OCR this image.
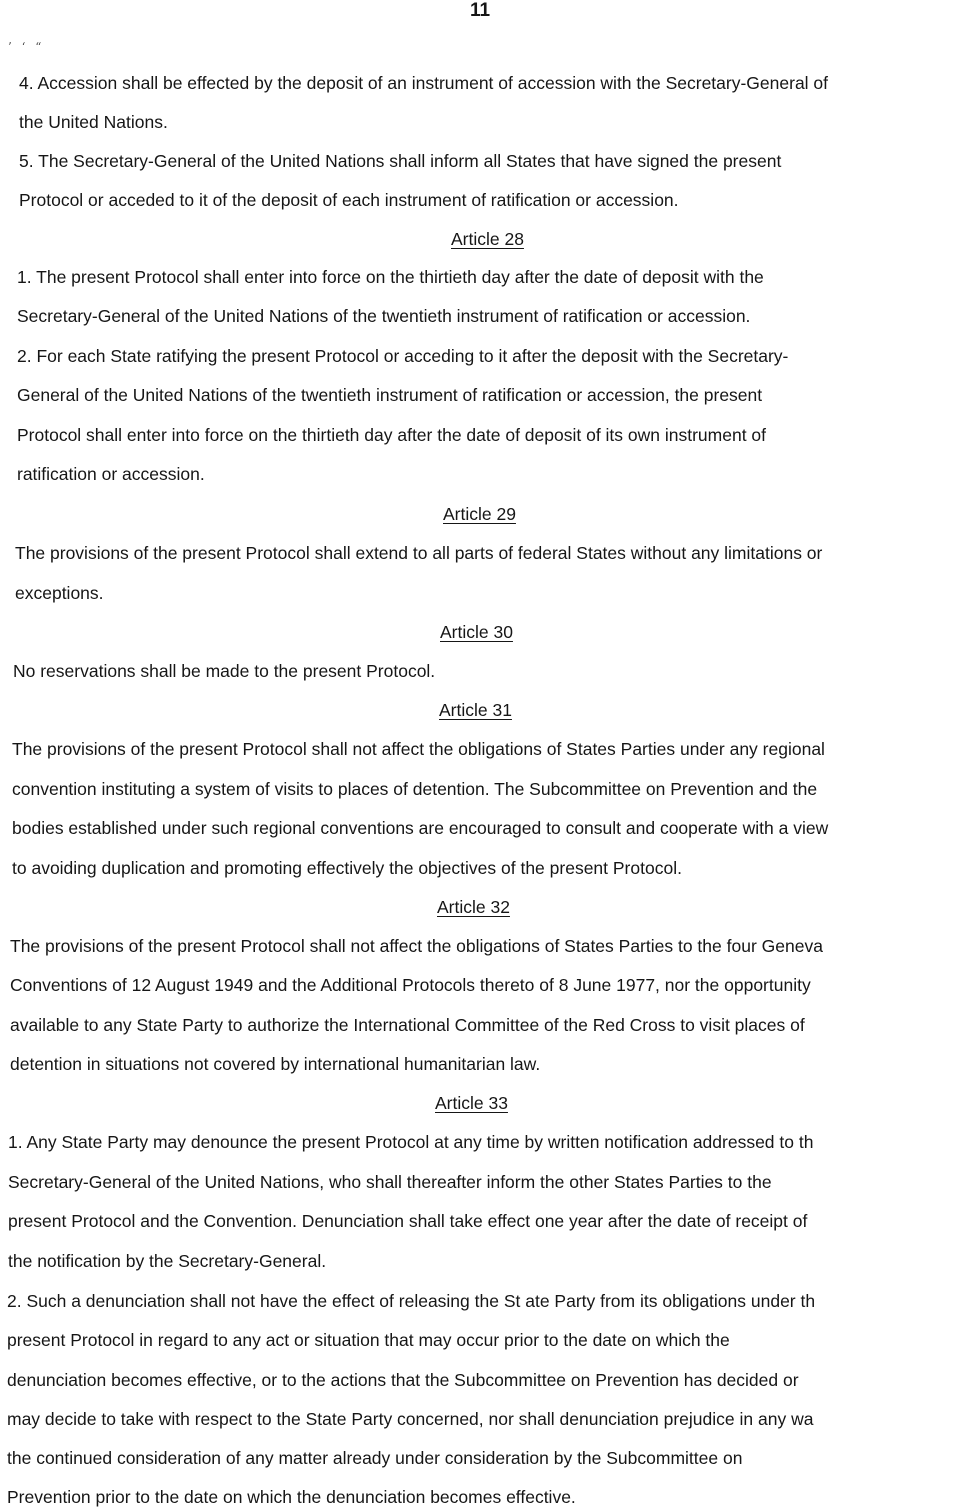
11
’ ‘ “
4. Accession shall be effected by the deposit of an instrument of accession with the Secretary-General of
the United Nations.
5. The Secretary-General of the United Nations shall inform all States that have signed the present
Protocol or acceded to it of the deposit of each instrument of ratification or accession.
Article 28
1. The present Protocol shall enter into force on the thirtieth day after the date of deposit with the
Secretary-General of the United Nations of the twentieth instrument of ratification or accession.
2. For each State ratifying the present Protocol or acceding to it after the deposit with the Secretary-
General of the United Nations of the twentieth instrument of ratification or accession, the present
Protocol shall enter into force on the thirtieth day after the date of deposit of its own instrument of
ratification or accession.
Article 29
The provisions of the present Protocol shall extend to all parts of federal States without any limitations or
exceptions.
Article 30
No reservations shall be made to the present Protocol.
Article 31
The provisions of the present Protocol shall not affect the obligations of States Parties under any regional
convention instituting a system of visits to places of detention. The Subcommittee on Prevention and the
bodies established under such regional conventions are encouraged to consult and cooperate with a view
to avoiding duplication and promoting effectively the objectives of the present Protocol.
Article 32
The provisions of the present Protocol shall not affect the obligations of States Parties to the four Geneva
Conventions of 12 August 1949 and the Additional Protocols thereto of 8 June 1977, nor the opportunity
available to any State Party to authorize the International Committee of the Red Cross to visit places of
detention in situations not covered by international humanitarian law.
Article 33
1. Any State Party may denounce the present Protocol at any time by written notification addressed to th
Secretary-General of the United Nations, who shall thereafter inform the other States Parties to the
present Protocol and the Convention. Denunciation shall take effect one year after the date of receipt of
the notification by the Secretary-General.
2. Such a denunciation shall not have the effect of releasing the St ate Party from its obligations under th
present Protocol in regard to any act or situation that may occur prior to the date on which the
denunciation becomes effective, or to the actions that the Subcommittee on Prevention has decided or
may decide to take with respect to the State Party concerned, nor shall denunciation prejudice in any wa
the continued consideration of any matter already under consideration by the Subcommittee on
Prevention prior to the date on which the denunciation becomes effective.
